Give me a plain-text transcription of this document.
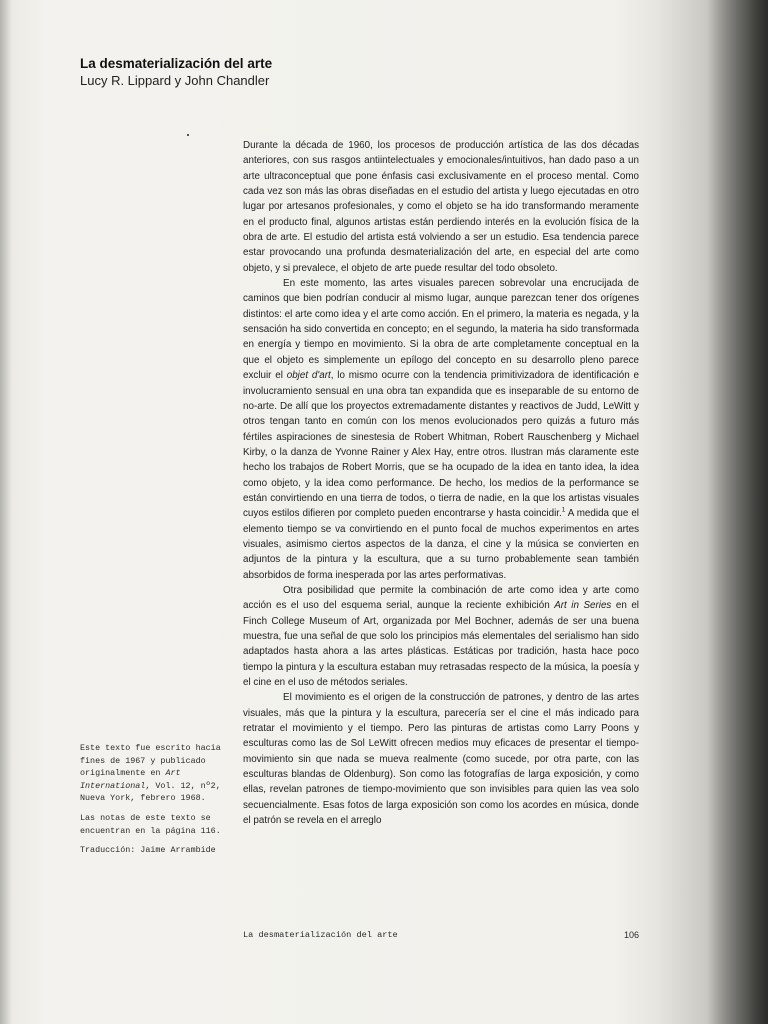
La desmaterialización del arte

Lucy R. Lippard y John Chandler

Durante la década de 1960, los procesos de producción artística de las dos décadas anteriores, con sus rasgos antiintelectuales y emocionales/intuitivos, han dado paso a un arte ultraconceptual que pone énfasis casi exclusivamente en el proceso mental. Como cada vez son más las obras diseñadas en el estudio del artista y luego ejecutadas en otro lugar por artesanos profesionales, y como el objeto se ha ido transformando meramente en el producto final, algunos artistas están perdiendo interés en la evolución física de la obra de arte. El estudio del artista está volviendo a ser un estudio. Esa tendencia parece estar provocando una profunda desmaterialización del arte, en especial del arte como objeto, y si prevalece, el objeto de arte puede resultar del todo obsoleto.

En este momento, las artes visuales parecen sobrevolar una encrucijada de caminos que bien podrían conducir al mismo lugar, aunque parezcan tener dos orígenes distintos: el arte como idea y el arte como acción. En el primero, la materia es negada, y la sensación ha sido convertida en concepto; en el segundo, la materia ha sido transformada en energía y tiempo en movimiento. Si la obra de arte completamente conceptual en la que el objeto es simplemente un epílogo del concepto en su desarrollo pleno parece excluir el objet d'art, lo mismo ocurre con la tendencia primitivizadora de identificación e involucramiento sensual en una obra tan expandida que es inseparable de su entorno de no-arte. De allí que los proyectos extremadamente distantes y reactivos de Judd, LeWitt y otros tengan tanto en común con los menos evolucionados pero quizás a futuro más fértiles aspiraciones de sinestesia de Robert Whitman, Robert Rauschenberg y Michael Kirby, o la danza de Yvonne Rainer y Alex Hay, entre otros. Ilustran más claramente este hecho los trabajos de Robert Morris, que se ha ocupado de la idea en tanto idea, la idea como objeto, y la idea como performance. De hecho, los medios de la performance se están convirtiendo en una tierra de todos, o tierra de nadie, en la que los artistas visuales cuyos estilos difieren por completo pueden encontrarse y hasta coincidir.$^1$ A medida que el elemento tiempo se va convirtiendo en el punto focal de muchos experimentos en artes visuales, asimismo ciertos aspectos de la danza, el cine y la música se convierten en adjuntos de la pintura y la escultura, que a su turno probablemente sean también absorbidos de forma inesperada por las artes performativas.

Otra posibilidad que permite la combinación de arte como idea y arte como acción es el uso del esquema serial, aunque la reciente exhibición Art in Series en el Finch College Museum of Art, organizada por Mel Bochner, además de ser una buena muestra, fue una señal de que solo los principios más elementales del serialismo han sido adaptados hasta ahora a las artes plásticas. Estáticas por tradición, hasta hace poco tiempo la pintura y la escultura estaban muy retrasadas respecto de la música, la poesía y el cine en el uso de métodos seriales.

El movimiento es el origen de la construcción de patrones, y dentro de las artes visuales, más que la pintura y la escultura, parecería ser el cine el más indicado para retratar el movimiento y el tiempo. Pero las pinturas de artistas como Larry Poons y esculturas como las de Sol LeWitt ofrecen medios muy eficaces de presentar el tiempo-movimiento sin que nada se mueva realmente (como sucede, por otra parte, con las esculturas blandas de Oldenburg). Son como las fotografías de larga exposición, y como ellas, revelan patrones de tiempo-movimiento que son invisibles para quien las vea solo secuencialmente. Esas fotos de larga exposición son como los acordes en música, donde el patrón se revela en el arreglo

Este texto fue escrito hacia fines de 1967 y publicado originalmente en Art International, Vol. 12, nº2, Nueva York, febrero 1968.

Las notas de este texto se encuentran en la página 116.

Traducción: Jaime Arrambide

La desmaterialización del arte	106
